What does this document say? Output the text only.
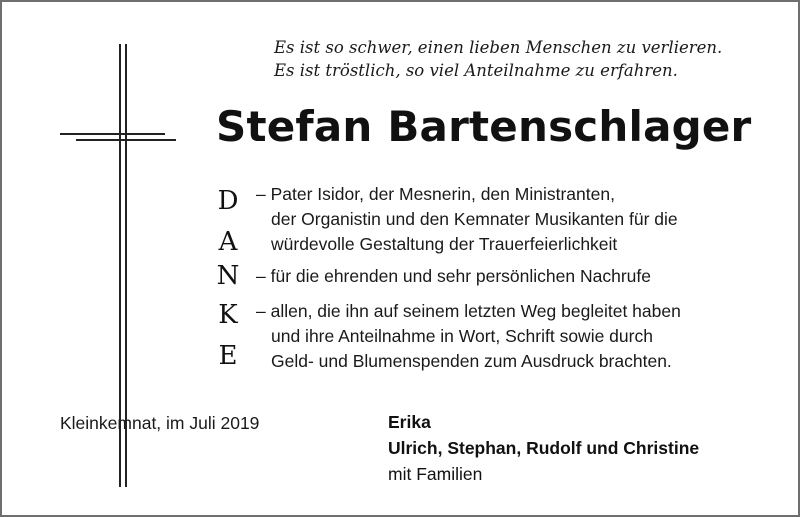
Es ist so schwer, einen lieben Menschen zu verlieren.
Es ist tröstlich, so viel Anteilnahme zu erfahren.
Stefan Bartenschlager
D
A
N
K
E
– Pater Isidor, der Mesnerin, den Ministranten,
der Organistin und den Kemnater Musikanten für die
würdevolle Gestaltung der Trauerfeierlichkeit
– für die ehrenden und sehr persönlichen Nachrufe
– allen, die ihn auf seinem letzten Weg begleitet haben
und ihre Anteilnahme in Wort, Schrift sowie durch
Geld- und Blumenspenden zum Ausdruck brachten.
Kleinkemnat, im Juli 2019	Erika
Ulrich, Stephan, Rudolf und Christine
mit Familien
